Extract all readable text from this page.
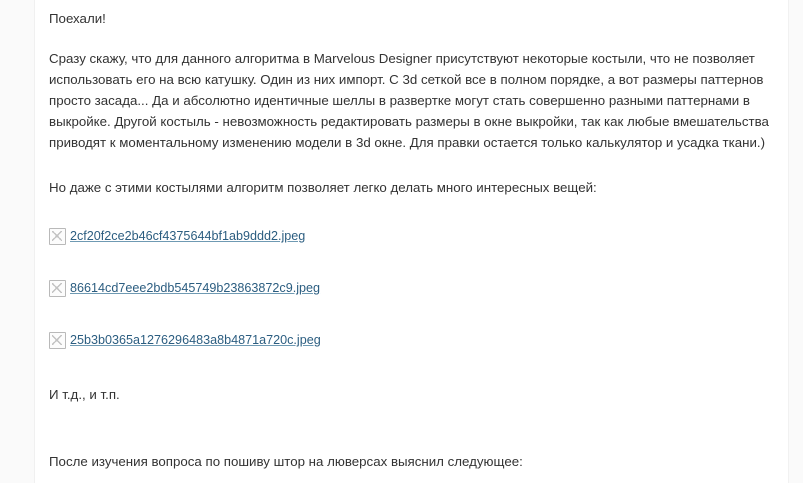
Поехали!

Сразу скажу, что для данного алгоритма в Marvelous Designer присутствуют некоторые костыли, что не позволяет использовать его на всю катушку. Один из них импорт. С 3d сеткой все в полном порядке, а вот размеры паттернов просто засада... Да и абсолютно идентичные шеллы в развертке могут стать совершенно разными паттернами в выкройке. Другой костыль - невозможность редактировать размеры в окне выкройки, так как любые вмешательства приводят к моментальному изменению модели в 3d окне. Для правки остается только калькулятор и усадка ткани.)

Но даже с этими костылями алгоритм позволяет легко делать много интересных вещей:

2cf20f2ce2b46cf4375644bf1ab9ddd2.jpeg
86614cd7eee2bdb545749b23863872c9.jpeg
25b3b0365a1276296483a8b4871a720c.jpeg

И т.д., и т.п.

После изучения вопроса по пошиву штор на люверсах выяснил следующее:
